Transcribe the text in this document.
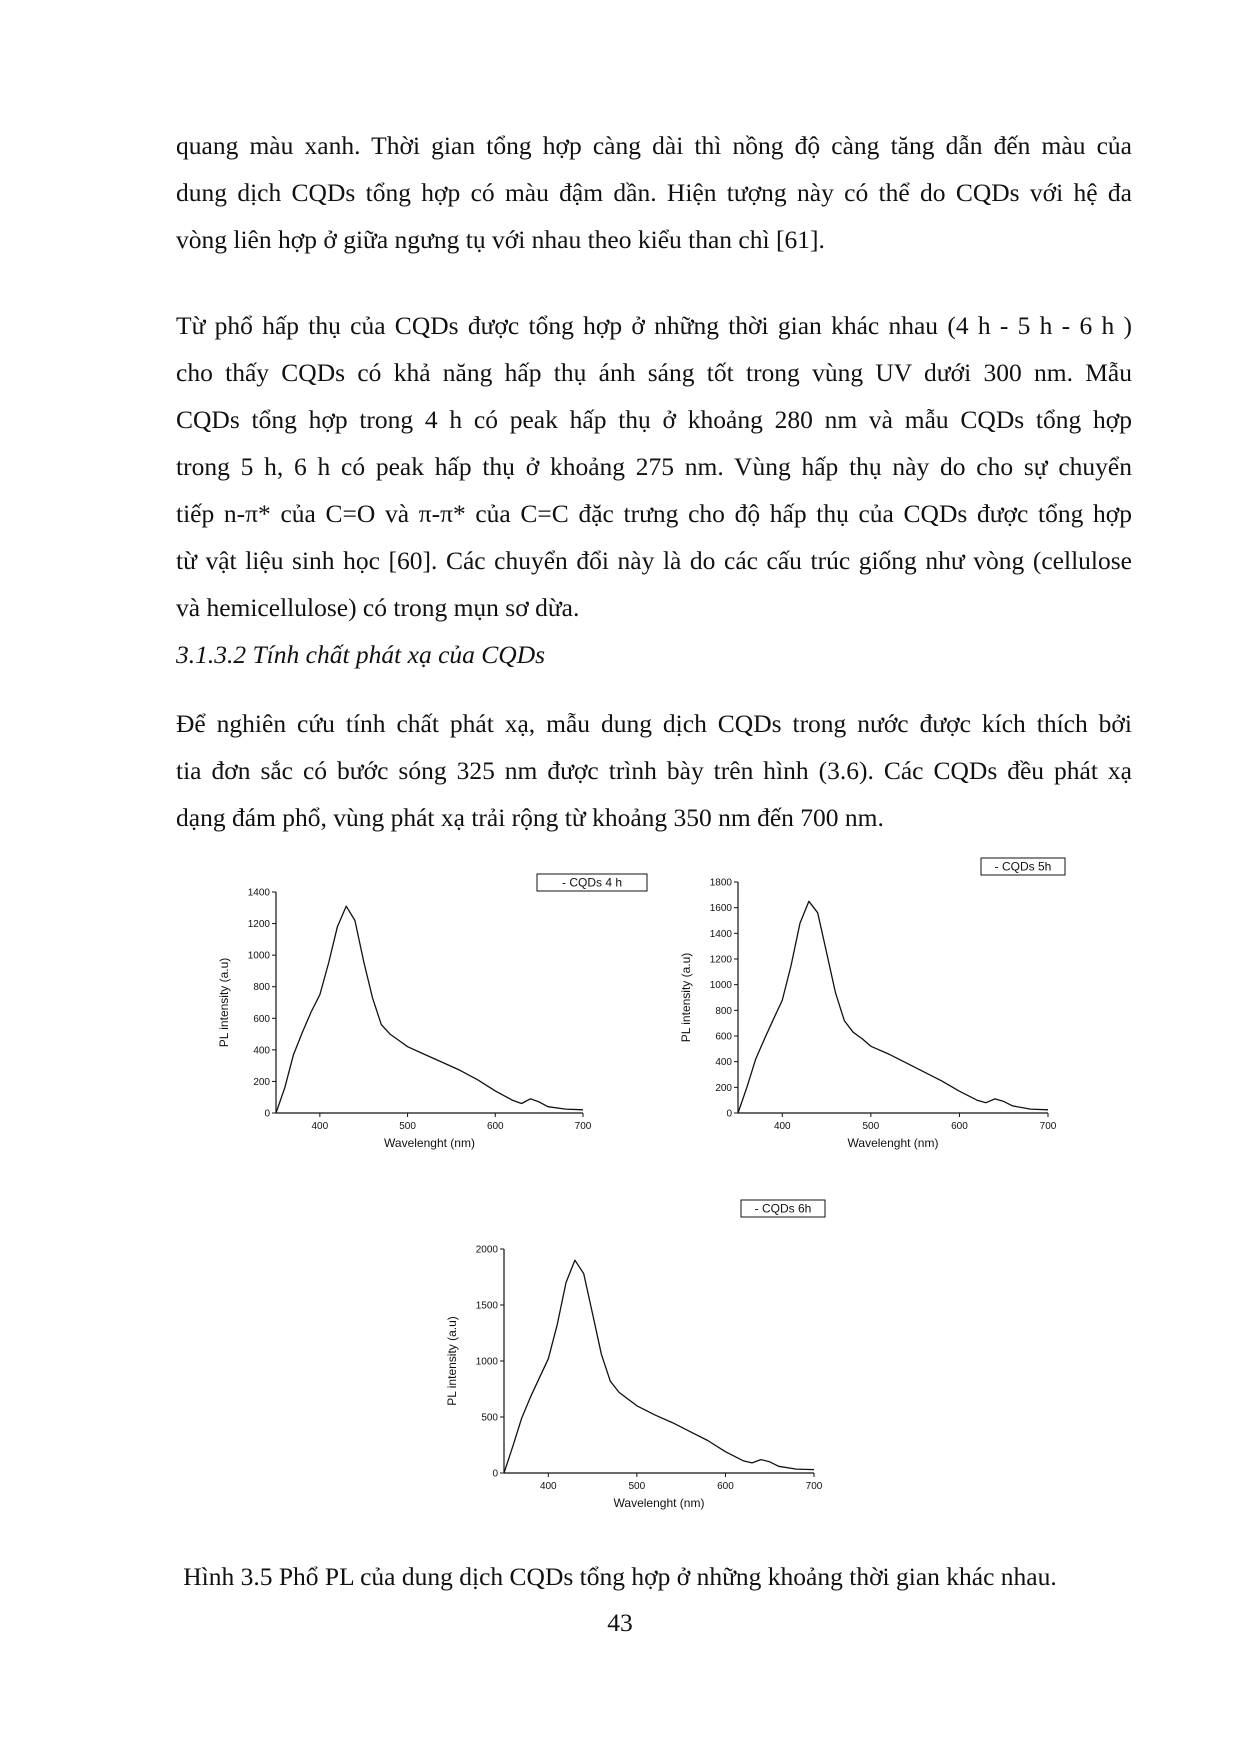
quang màu xanh. Thời gian tổng hợp càng dài thì nồng độ càng tăng dẫn đến màu của
dung dịch CQDs tổng hợp có màu đậm dần. Hiện tượng này có thể do CQDs với hệ đa
vòng liên hợp ở giữa ngưng tụ với nhau theo kiểu than chì [61].
Từ phổ hấp thụ của CQDs được tổng hợp ở những thời gian khác nhau (4 h - 5 h - 6 h )
cho thấy CQDs có khả năng hấp thụ ánh sáng tốt trong vùng UV dưới 300 nm. Mẫu
CQDs tổng hợp trong 4 h có peak hấp thụ ở khoảng 280 nm và mẫu CQDs tổng hợp
trong 5 h, 6 h có peak hấp thụ ở khoảng 275 nm. Vùng hấp thụ này do cho sự chuyển
tiếp n-π* của C=O và π-π* của C=C đặc trưng cho độ hấp thụ của CQDs được tổng hợp
từ vật liệu sinh học [60]. Các chuyển đổi này là do các cấu trúc giống như vòng (cellulose
và hemicellulose) có trong mụn sơ dừa.

3.1.3.2 Tính chất phát xạ của CQDs

Để nghiên cứu tính chất phát xạ, mẫu dung dịch CQDs trong nước được kích thích bởi
tia đơn sắc có bước sóng 325 nm được trình bày trên hình (3.6). Các CQDs đều phát xạ
dạng đám phổ, vùng phát xạ trải rộng từ khoảng 350 nm đến 700 nm.
0
200
400
600
800
1000
1200
1400
400	500	600	700
Wavelenght (nm)
PL intensity (a.u)
- CQDs 4 h
0
200
400
600
800
1000
1200
1400
1600
1800
400	500	600	700
Wavelenght (nm)
PL intensity (a.u)
- CQDs 5h
0
500
1000
1500
2000
400	500	600	700
Wavelenght (nm)
PL intensity (a.u)
- CQDs 6h

Hình 3.5 Phổ PL của dung dịch CQDs tổng hợp ở những khoảng thời gian khác nhau.

43
